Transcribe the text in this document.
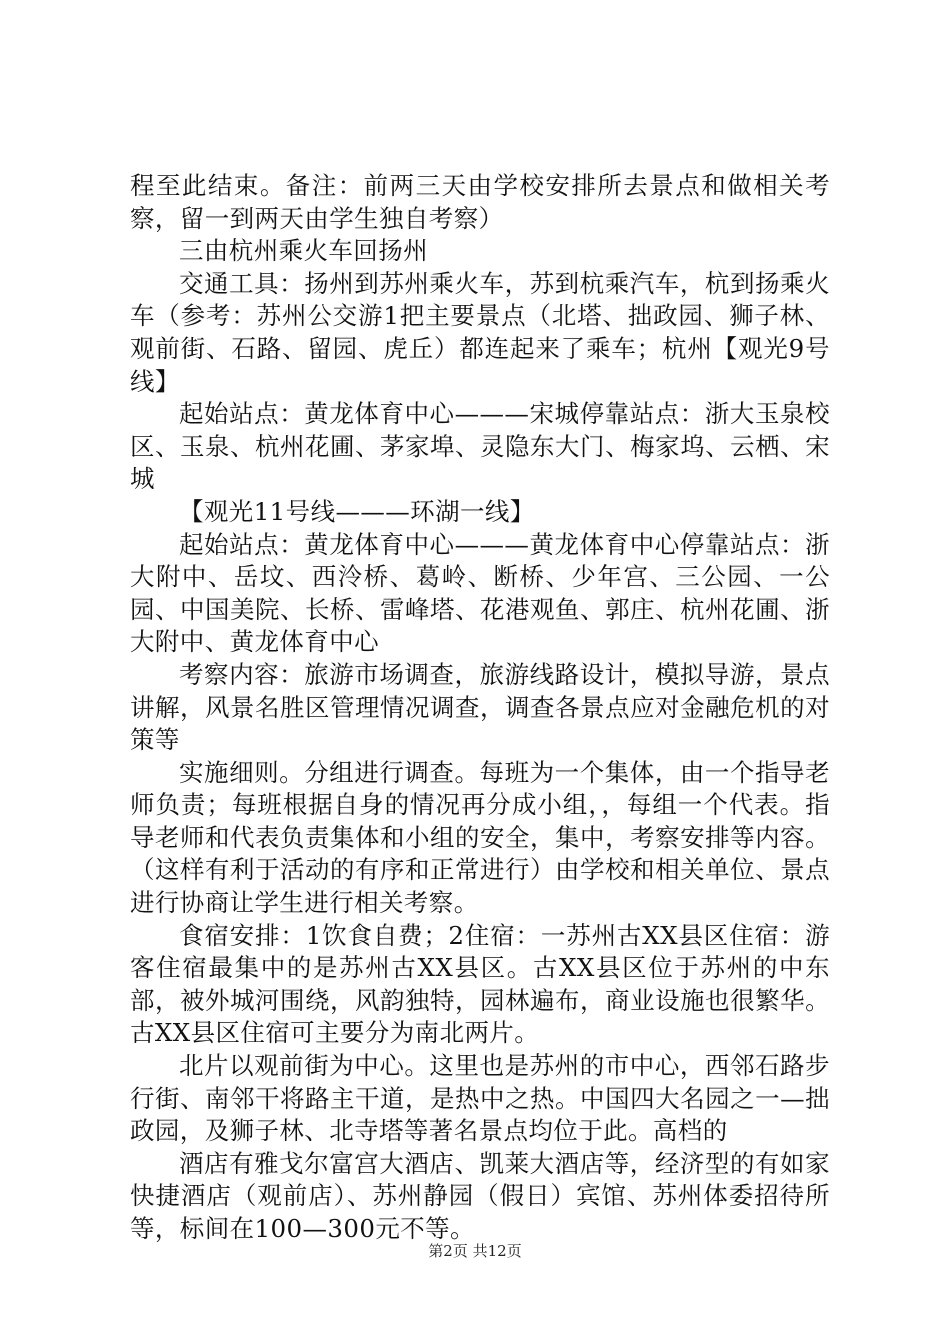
程至此结束。备注：前两三天由学校安排所去景点和做相关考察，留一到两天由学生独自考察）

三由杭州乘火车回扬州

交通工具：扬州到苏州乘火车，苏到杭乘汽车，杭到扬乘火车（参考：苏州公交游1把主要景点（北塔、拙政园、狮子林、观前街、石路、留园、虎丘）都连起来了乘车；杭州【观光9号线】

起始站点：黄龙体育中心———宋城停靠站点：浙大玉泉校区、玉泉、杭州花圃、茅家埠、灵隐东大门、梅家坞、云栖、宋城

【观光11号线———环湖一线】

起始站点：黄龙体育中心———黄龙体育中心停靠站点：浙大附中、岳坟、西泠桥、葛岭、断桥、少年宫、三公园、一公园、中国美院、长桥、雷峰塔、花港观鱼、郭庄、杭州花圃、浙大附中、黄龙体育中心

考察内容：旅游市场调查，旅游线路设计，模拟导游，景点讲解，风景名胜区管理情况调查，调查各景点应对金融危机的对策等

实施细则。分组进行调查。每班为一个集体，由一个指导老师负责；每班根据自身的情况再分成小组，，每组一个代表。指导老师和代表负责集体和小组的安全，集中，考察安排等内容。（这样有利于活动的有序和正常进行）由学校和相关单位、景点进行协商让学生进行相关考察。

食宿安排：1饮食自费；2住宿：一苏州古XX县区住宿：游客住宿最集中的是苏州古XX县区。古XX县区位于苏州的中东部，被外城河围绕，风韵独特，园林遍布，商业设施也很繁华。古XX县区住宿可主要分为南北两片。

北片以观前街为中心。这里也是苏州的市中心，西邻石路步行街、南邻干将路主干道，是热中之热。中国四大名园之一—拙政园，及狮子林、北寺塔等著名景点均位于此。高档的

酒店有雅戈尔富宫大酒店、凯莱大酒店等，经济型的有如家快捷酒店（观前店）、苏州静园（假日）宾馆、苏州体委招待所等，标间在100—300元不等。

第2页 共12页
